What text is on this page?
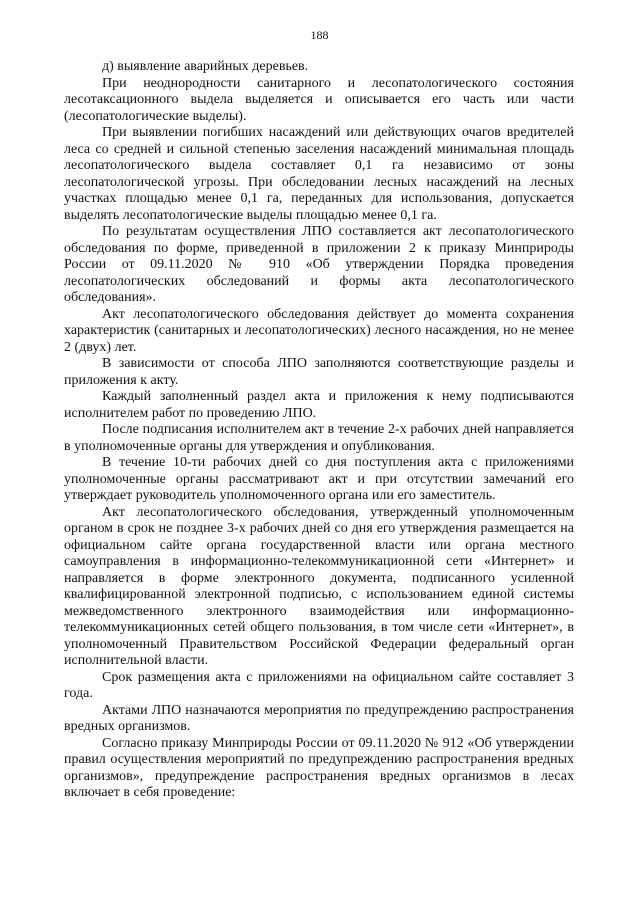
188

д) выявление аварийных деревьев.

При неоднородности санитарного и лесопатологического состояния лесотаксационного выдела выделяется и описывается его часть или части (лесопатологические выделы).

При выявлении погибших насаждений или действующих очагов вредителей леса со средней и сильной степенью заселения насаждений минимальная площадь лесопатологического выдела составляет 0,1 га независимо от зоны лесопатологической угрозы. При обследовании лесных насаждений на лесных участках площадью менее 0,1 га, переданных для использования, допускается выделять лесопатологические выделы площадью менее 0,1 га.

По результатам осуществления ЛПО составляется акт лесопатологического обследования по форме, приведенной в приложении 2 к приказу Минприроды России от 09.11.2020 № 910 «Об утверждении Порядка проведения лесопатологических обследований и формы акта лесопатологического обследования».

Акт лесопатологического обследования действует до момента сохранения характеристик (санитарных и лесопатологических) лесного насаждения, но не менее 2 (двух) лет.

В зависимости от способа ЛПО заполняются соответствующие разделы и приложения к акту.

Каждый заполненный раздел акта и приложения к нему подписываются исполнителем работ по проведению ЛПО.

После подписания исполнителем акт в течение 2-х рабочих дней направляется в уполномоченные органы для утверждения и опубликования.

В течение 10-ти рабочих дней со дня поступления акта с приложениями уполномоченные органы рассматривают акт и при отсутствии замечаний его утверждает руководитель уполномоченного органа или его заместитель.

Акт лесопатологического обследования, утвержденный уполномоченным органом в срок не позднее 3-х рабочих дней со дня его утверждения размещается на официальном сайте органа государственной власти или органа местного самоуправления в информационно-телекоммуникационной сети «Интернет» и направляется в форме электронного документа, подписанного усиленной квалифицированной электронной подписью, с использованием единой системы межведомственного электронного взаимодействия или информационно-телекоммуникационных сетей общего пользования, в том числе сети «Интернет», в уполномоченный Правительством Российской Федерации федеральный орган исполнительной власти.

Срок размещения акта с приложениями на официальном сайте составляет 3 года.

Актами ЛПО назначаются мероприятия по предупреждению распространения вредных организмов.

Согласно приказу Минприроды России от 09.11.2020 № 912 «Об утверждении правил осуществления мероприятий по предупреждению распространения вредных организмов», предупреждение распространения вредных организмов в лесах включает в себя проведение:
